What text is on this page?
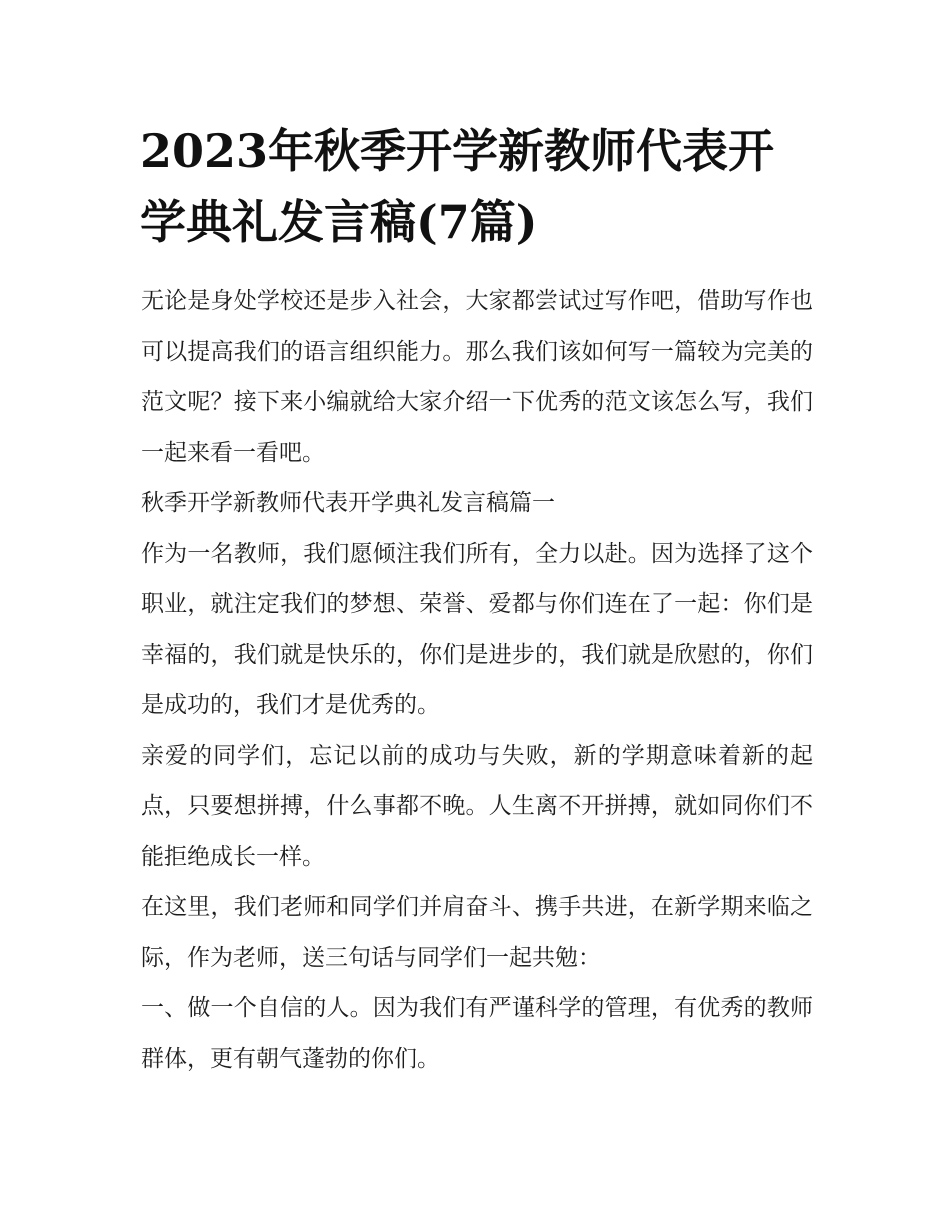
2023年秋季开学新教师代表开学典礼发言稿(7篇)

无论是身处学校还是步入社会，大家都尝试过写作吧，借助写作也可以提高我们的语言组织能力。那么我们该如何写一篇较为完美的范文呢？接下来小编就给大家介绍一下优秀的范文该怎么写，我们一起来看一看吧。

秋季开学新教师代表开学典礼发言稿篇一

作为一名教师，我们愿倾注我们所有，全力以赴。因为选择了这个职业，就注定我们的梦想、荣誉、爱都与你们连在了一起：你们是幸福的，我们就是快乐的，你们是进步的，我们就是欣慰的，你们是成功的，我们才是优秀的。

亲爱的同学们，忘记以前的成功与失败，新的学期意味着新的起点，只要想拼搏，什么事都不晚。人生离不开拼搏，就如同你们不能拒绝成长一样。

在这里，我们老师和同学们并肩奋斗、携手共进，在新学期来临之际，作为老师，送三句话与同学们一起共勉：

一、做一个自信的人。因为我们有严谨科学的管理，有优秀的教师群体，更有朝气蓬勃的你们。
